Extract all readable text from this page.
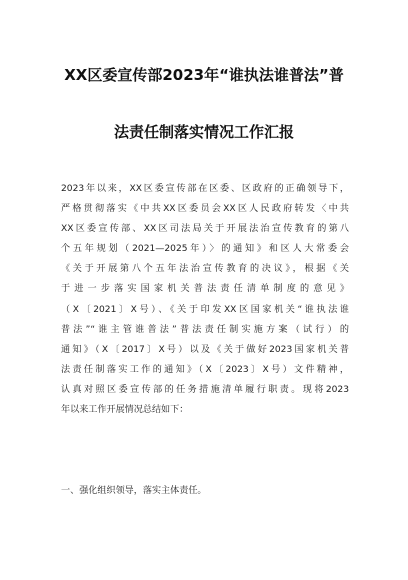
XX区委宣传部2023年“谁执法谁普法”普
法责任制落实情况工作汇报
2023年以来，XX区委宣传部在区委、区政府的正确领导下，
严格贯彻落实《中共XX区委员会XX区人民政府转发〈中共
XX区委宣传部、XX区司法局关于开展法治宣传教育的第八
个五年规划（2021—2025年）〉的通知》和区人大常委会
《关于开展第八个五年法治宣传教育的决议》，根据《关
于进一步落实国家机关普法责任清单制度的意见》
（X〔2021〕X号）、《关于印发XX区国家机关“谁执法谁
普法”“谁主管谁普法”普法责任制实施方案（试行）的
通知》（X〔2017〕X号）以及《关于做好2023国家机关普
法责任制落实工作的通知》（X〔2023〕X号）文件精神，
认真对照区委宣传部的任务措施清单履行职责。现将2023
年以来工作开展情况总结如下：
一、强化组织领导，落实主体责任。
